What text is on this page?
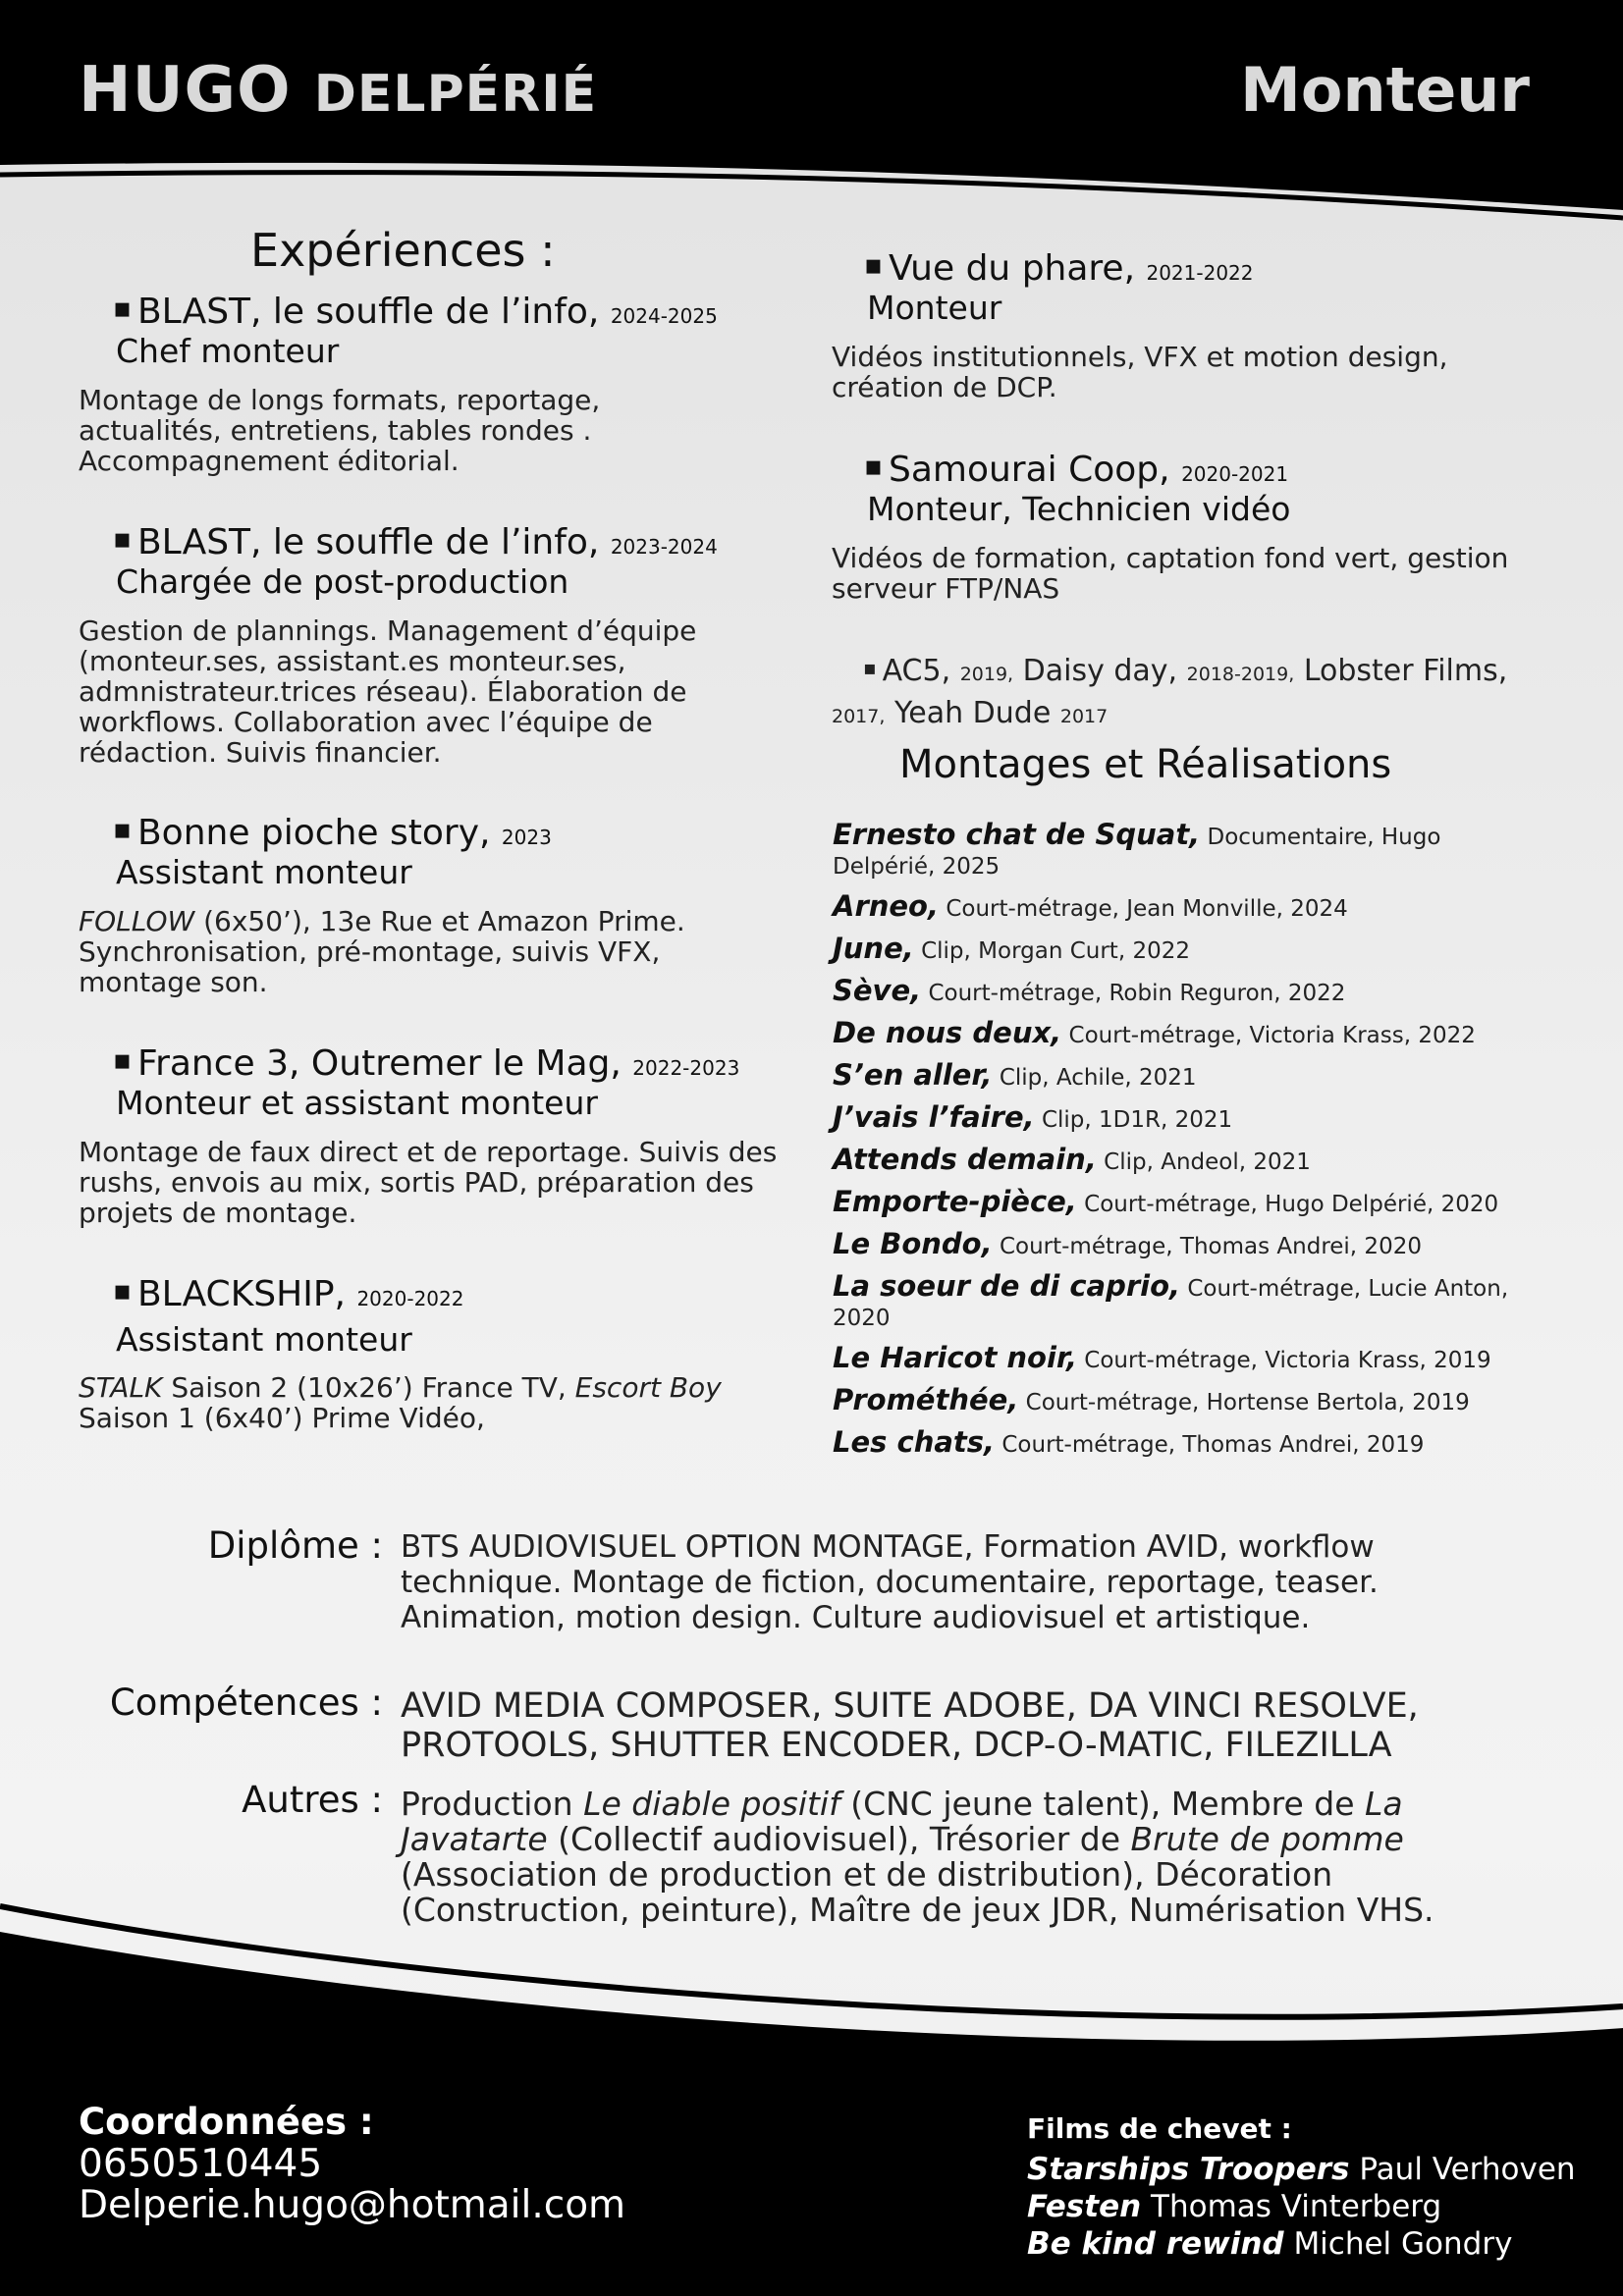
HUGO DELPÉRIÉ	Monteur
Expériences :
▪ BLAST, le souffle de l’info, 2024-2025
Chef monteur
Montage de longs formats, reportage, actualités, entretiens, tables rondes . Accompagnement éditorial.
▪ BLAST, le souffle de l’info, 2023-2024
Chargée de post-production
Gestion de plannings. Management d’équipe (monteur.ses, assistant.es monteur.ses, admnistrateur.trices réseau). Élaboration de workflows. Collaboration avec l’équipe de rédaction. Suivis financier.
▪ Bonne pioche story, 2023
Assistant monteur
FOLLOW (6x50’), 13e Rue et Amazon Prime. Synchronisation, pré-montage, suivis VFX, montage son.
▪ France 3, Outremer le Mag, 2022-2023
Monteur et assistant monteur
Montage de faux direct et de reportage. Suivis des rushs, envois au mix, sortis PAD, préparation des projets de montage.
▪ BLACKSHIP, 2020-2022
Assistant monteur
STALK Saison 2 (10x26’) France TV, Escort Boy Saison 1 (6x40’) Prime Vidéo,
▪ Vue du phare, 2021-2022
Monteur
Vidéos institutionnels, VFX et motion design, création de DCP.
▪ Samourai Coop, 2020-2021
Monteur, Technicien vidéo
Vidéos de formation, captation fond vert, gestion serveur FTP/NAS
▪ AC5, 2019, Daisy day, 2018-2019, Lobster Films,
2017, Yeah Dude 2017
Montages et Réalisations
Ernesto chat de Squat, Documentaire, Hugo Delpérié, 2025
Arneo, Court-métrage, Jean Monville, 2024
June, Clip, Morgan Curt, 2022
Sève, Court-métrage, Robin Reguron, 2022
De nous deux, Court-métrage, Victoria Krass, 2022
S’en aller, Clip, Achile, 2021
J’vais l’faire, Clip, 1D1R, 2021
Attends demain, Clip, Andeol, 2021
Emporte-pièce, Court-métrage, Hugo Delpérié, 2020
Le Bondo, Court-métrage, Thomas Andrei, 2020
La soeur de di caprio, Court-métrage, Lucie Anton, 2020
Le Haricot noir, Court-métrage, Victoria Krass, 2019
Prométhée, Court-métrage, Hortense Bertola, 2019
Les chats, Court-métrage, Thomas Andrei, 2019
Diplôme : BTS AUDIOVISUEL OPTION MONTAGE, Formation AVID, workflow technique. Montage de fiction, documentaire, reportage, teaser. Animation, motion design. Culture audiovisuel et artistique.
Compétences : AVID MEDIA COMPOSER, SUITE ADOBE, DA VINCI RESOLVE, PROTOOLS, SHUTTER ENCODER, DCP-O-MATIC, FILEZILLA
Autres : Production Le diable positif (CNC jeune talent), Membre de La Javatarte (Collectif audiovisuel), Trésorier de Brute de pomme (Association de production et de distribution), Décoration (Construction, peinture), Maître de jeux JDR, Numérisation VHS.
Coordonnées :
0650510445
Delperie.hugo@hotmail.com
Films de chevet :
Starships Troopers Paul Verhoven
Festen Thomas Vinterberg
Be kind rewind Michel Gondry
